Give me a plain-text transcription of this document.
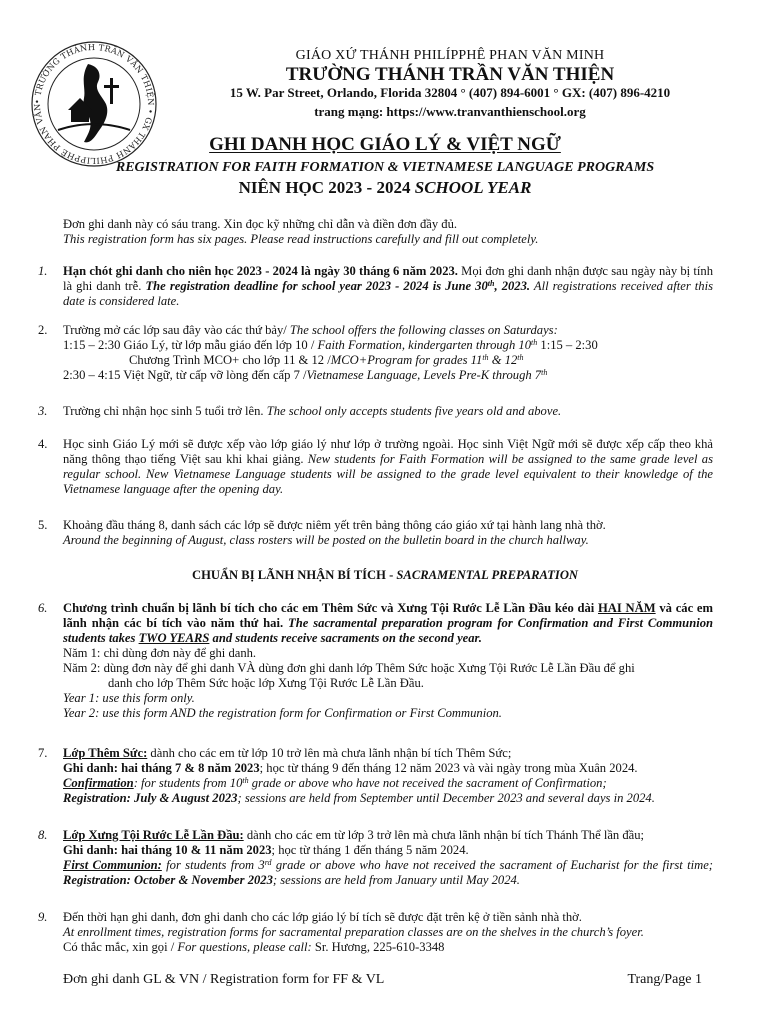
• TRƯỜNG THÁNH TRẦN VĂN THIỆN • GX THÁNH PHILIPPHÊ PHAN VĂN
GIÁO XỨ THÁNH PHILÍPPHÊ PHAN VĂN MINH
TRƯỜNG THÁNH TRẦN VĂN THIỆN
15 W. Par Street, Orlando, Florida 32804 ° (407) 894-6001 ° GX: (407) 896-4210
trang mạng: https://www.tranvanthienschool.org
GHI DANH HỌC GIÁO LÝ & VIỆT NGỮ
REGISTRATION FOR FAITH FORMATION & VIETNAMESE LANGUAGE PROGRAMS
NIÊN HỌC 2023 - 2024 SCHOOL YEAR
Đơn ghi danh này có sáu trang. Xin đọc kỹ những chỉ dẫn và điền đơn đầy đủ.
This registration form has six pages. Please read instructions carefully and fill out completely.
1. Hạn chót ghi danh cho niên học 2023 - 2024 là ngày 30 tháng 6 năm 2023. Mọi đơn ghi danh nhận được sau ngày này bị tính là ghi danh trễ. The registration deadline for school year 2023 - 2024 is June 30th, 2023. All registrations received after this date is considered late.
2. Trường mở các lớp sau đây vào các thứ bảy/ The school offers the following classes on Saturdays:
1:15 – 2:30 Giáo Lý, từ lớp mẫu giáo đến lớp 10 / Faith Formation, kindergarten through 10th 1:15 – 2:30
Chương Trình MCO+ cho lớp 11 & 12 /MCO+Program for grades 11th & 12th
2:30 – 4:15 Việt Ngữ, từ cấp vỡ lòng đến cấp 7 /Vietnamese Language, Levels Pre-K through 7th
3. Trường chỉ nhận học sinh 5 tuổi trở lên. The school only accepts students five years old and above.
4. Học sinh Giáo Lý mới sẽ được xếp vào lớp giáo lý như lớp ở trường ngoài. Học sinh Việt Ngữ mới sẽ được xếp cấp theo khả năng thông thạo tiếng Việt sau khi khai giảng. New students for Faith Formation will be assigned to the same grade level as regular school. New Vietnamese Language students will be assigned to the grade level equivalent to their knowledge of the Vietnamese language after the opening day.
5. Khoảng đầu tháng 8, danh sách các lớp sẽ được niêm yết trên bảng thông cáo giáo xứ tại hành lang nhà thờ.
Around the beginning of August, class rosters will be posted on the bulletin board in the church hallway.
CHUẨN BỊ LÃNH NHẬN BÍ TÍCH - SACRAMENTAL PREPARATION
6. Chương trình chuẩn bị lãnh bí tích cho các em Thêm Sức và Xưng Tội Rước Lễ Lần Đầu kéo dài HAI NĂM và các em lãnh nhận các bí tích vào năm thứ hai. The sacramental preparation program for Confirmation and First Communion students takes TWO YEARS and students receive sacraments on the second year.
Năm 1: chỉ dùng đơn này để ghi danh.
Năm 2: dùng đơn này để ghi danh VÀ dùng đơn ghi danh lớp Thêm Sức hoặc Xưng Tội Rước Lễ Lần Đầu để ghi
danh cho lớp Thêm Sức hoặc lớp Xưng Tội Rước Lễ Lần Đầu.
Year 1: use this form only.
Year 2: use this form AND the registration form for Confirmation or First Communion.
7. Lớp Thêm Sức: dành cho các em từ lớp 10 trở lên mà chưa lãnh nhận bí tích Thêm Sức;
Ghi danh: hai tháng 7 & 8 năm 2023; học từ tháng 9 đến tháng 12 năm 2023 và vài ngày trong mùa Xuân 2024.
Confirmation: for students from 10th grade or above who have not received the sacrament of Confirmation;
Registration: July & August 2023; sessions are held from September until December 2023 and several days in 2024.
8. Lớp Xưng Tội Rước Lễ Lần Đầu: dành cho các em từ lớp 3 trở lên mà chưa lãnh nhận bí tích Thánh Thể lần đầu;
Ghi danh: hai tháng 10 & 11 năm 2023; học từ tháng 1 đến tháng 5 năm 2024.
First Communion: for students from 3rd grade or above who have not received the sacrament of Eucharist for the first time; Registration: October & November 2023; sessions are held from January until May 2024.
9. Đến thời hạn ghi danh, đơn ghi danh cho các lớp giáo lý bí tích sẽ được đặt trên kệ ở tiền sảnh nhà thờ.
At enrollment times, registration forms for sacramental preparation classes are on the shelves in the church’s foyer.
Có thắc mắc, xin gọi / For questions, please call: Sr. Hương, 225-610-3348
Đơn ghi danh GL & VN / Registration form for FF & VL	Trang/Page 1
